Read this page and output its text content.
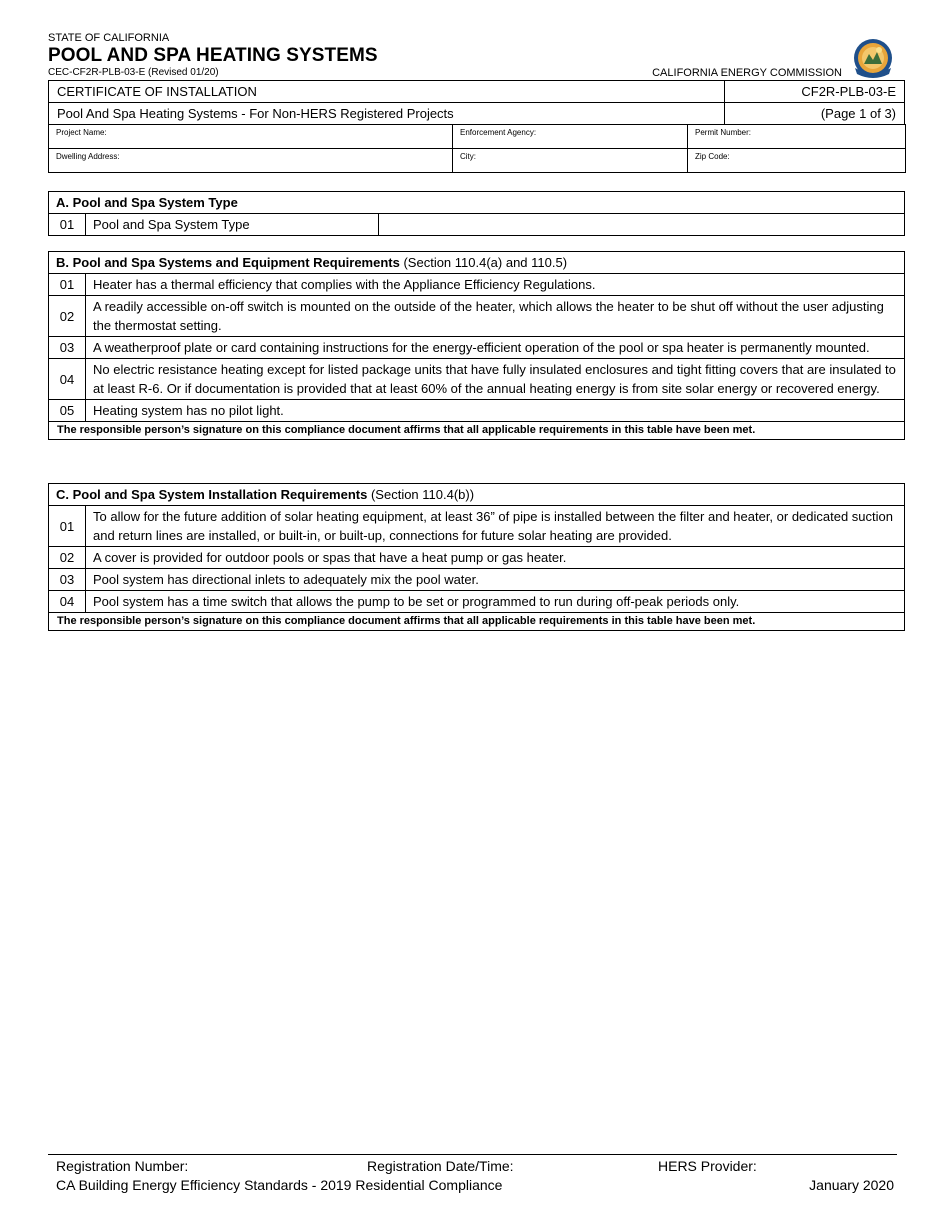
STATE OF CALIFORNIA
POOL AND SPA HEATING SYSTEMS
CEC-CF2R-PLB-03-E (Revised 01/20)	CALIFORNIA ENERGY COMMISSION
CERTIFICATE OF INSTALLATION	CF2R-PLB-03-E
Pool And Spa Heating Systems - For Non-HERS Registered Projects	(Page 1 of 3)
Project Name:	Enforcement Agency:	Permit Number:
Dwelling Address:	City:	Zip Code:
A. Pool and Spa System Type
01	Pool and Spa System Type	
B. Pool and Spa Systems and Equipment Requirements (Section 110.4(a) and 110.5)	
01	Heater has a thermal efficiency that complies with the Appliance Efficiency Regulations.
02	A readily accessible on-off switch is mounted on the outside of the heater, which allows the heater to be shut off without the user adjusting the thermostat setting.
03	A weatherproof plate or card containing instructions for the energy-efficient operation of the pool or spa heater is permanently mounted.
04	No electric resistance heating except for listed package units that have fully insulated enclosures and tight fitting covers that are insulated to at least R-6. Or if documentation is provided that at least 60% of the annual heating energy is from site solar energy or recovered energy.
05	Heating system has no pilot light.
The responsible person’s signature on this compliance document affirms that all applicable requirements in this table have been met.	
C. Pool and Spa System Installation Requirements (Section 110.4(b))	
01	To allow for the future addition of solar heating equipment, at least 36” of pipe is installed between the filter and heater, or dedicated suction and return lines are installed, or built-in, or built-up, connections for future solar heating are provided.
02	A cover is provided for outdoor pools or spas that have a heat pump or gas heater.
03	Pool system has directional inlets to adequately mix the pool water.
04	Pool system has a time switch that allows the pump to be set or programmed to run during off-peak periods only.
The responsible person’s signature on this compliance document affirms that all applicable requirements in this table have been met.	
Registration Number:	Registration Date/Time:	HERS Provider:
CA Building Energy Efficiency Standards - 2019 Residential Compliance	January 2020
